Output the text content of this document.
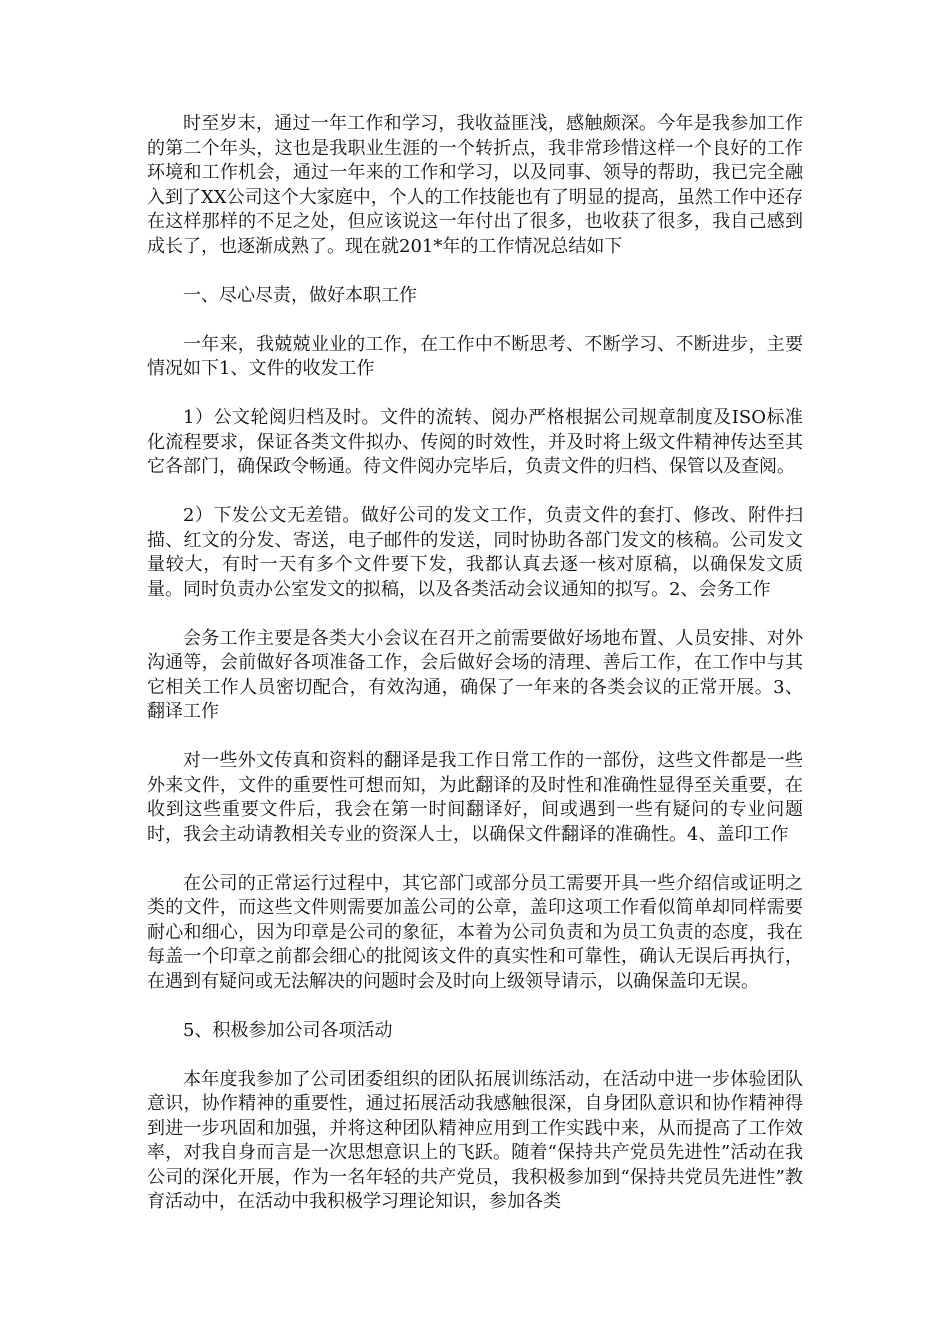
时至岁末，通过一年工作和学习，我收益匪浅，感触颇深。今年是我参加工作的第二个年头，这也是我职业生涯的一个转折点，我非常珍惜这样一个良好的工作环境和工作机会，通过一年来的工作和学习，以及同事、领导的帮助，我已完全融入到了XX公司这个大家庭中，个人的工作技能也有了明显的提高，虽然工作中还存在这样那样的不足之处，但应该说这一年付出了很多，也收获了很多，我自己感到成长了，也逐渐成熟了。现在就201*年的工作情况总结如下

一、尽心尽责，做好本职工作

一年来，我兢兢业业的工作，在工作中不断思考、不断学习、不断进步，主要情况如下1、文件的收发工作

1）公文轮阅归档及时。文件的流转、阅办严格根据公司规章制度及ISO标准化流程要求，保证各类文件拟办、传阅的时效性，并及时将上级文件精神传达至其它各部门，确保政令畅通。待文件阅办完毕后，负责文件的归档、保管以及查阅。

2）下发公文无差错。做好公司的发文工作，负责文件的套打、修改、附件扫描、红文的分发、寄送，电子邮件的发送，同时协助各部门发文的核稿。公司发文量较大，有时一天有多个文件要下发，我都认真去逐一核对原稿，以确保发文质量。同时负责办公室发文的拟稿，以及各类活动会议通知的拟写。2、会务工作

会务工作主要是各类大小会议在召开之前需要做好场地布置、人员安排、对外沟通等，会前做好各项准备工作，会后做好会场的清理、善后工作，在工作中与其它相关工作人员密切配合，有效沟通，确保了一年来的各类会议的正常开展。3、翻译工作

对一些外文传真和资料的翻译是我工作日常工作的一部份，这些文件都是一些外来文件，文件的重要性可想而知，为此翻译的及时性和准确性显得至关重要，在收到这些重要文件后，我会在第一时间翻译好，间或遇到一些有疑问的专业问题时，我会主动请教相关专业的资深人士，以确保文件翻译的准确性。4、盖印工作

在公司的正常运行过程中，其它部门或部分员工需要开具一些介绍信或证明之类的文件，而这些文件则需要加盖公司的公章，盖印这项工作看似简单却同样需要耐心和细心，因为印章是公司的象征，本着为公司负责和为员工负责的态度，我在每盖一个印章之前都会细心的批阅该文件的真实性和可靠性，确认无误后再执行，在遇到有疑问或无法解决的问题时会及时向上级领导请示，以确保盖印无误。

5、积极参加公司各项活动

本年度我参加了公司团委组织的团队拓展训练活动，在活动中进一步体验团队意识，协作精神的重要性，通过拓展活动我感触很深，自身团队意识和协作精神得到进一步巩固和加强，并将这种团队精神应用到工作实践中来，从而提高了工作效率，对我自身而言是一次思想意识上的飞跃。随着“保持共产党员先进性”活动在我公司的深化开展，作为一名年轻的共产党员，我积极参加到“保持共党员先进性”教育活动中，在活动中我积极学习理论知识，参加各类
